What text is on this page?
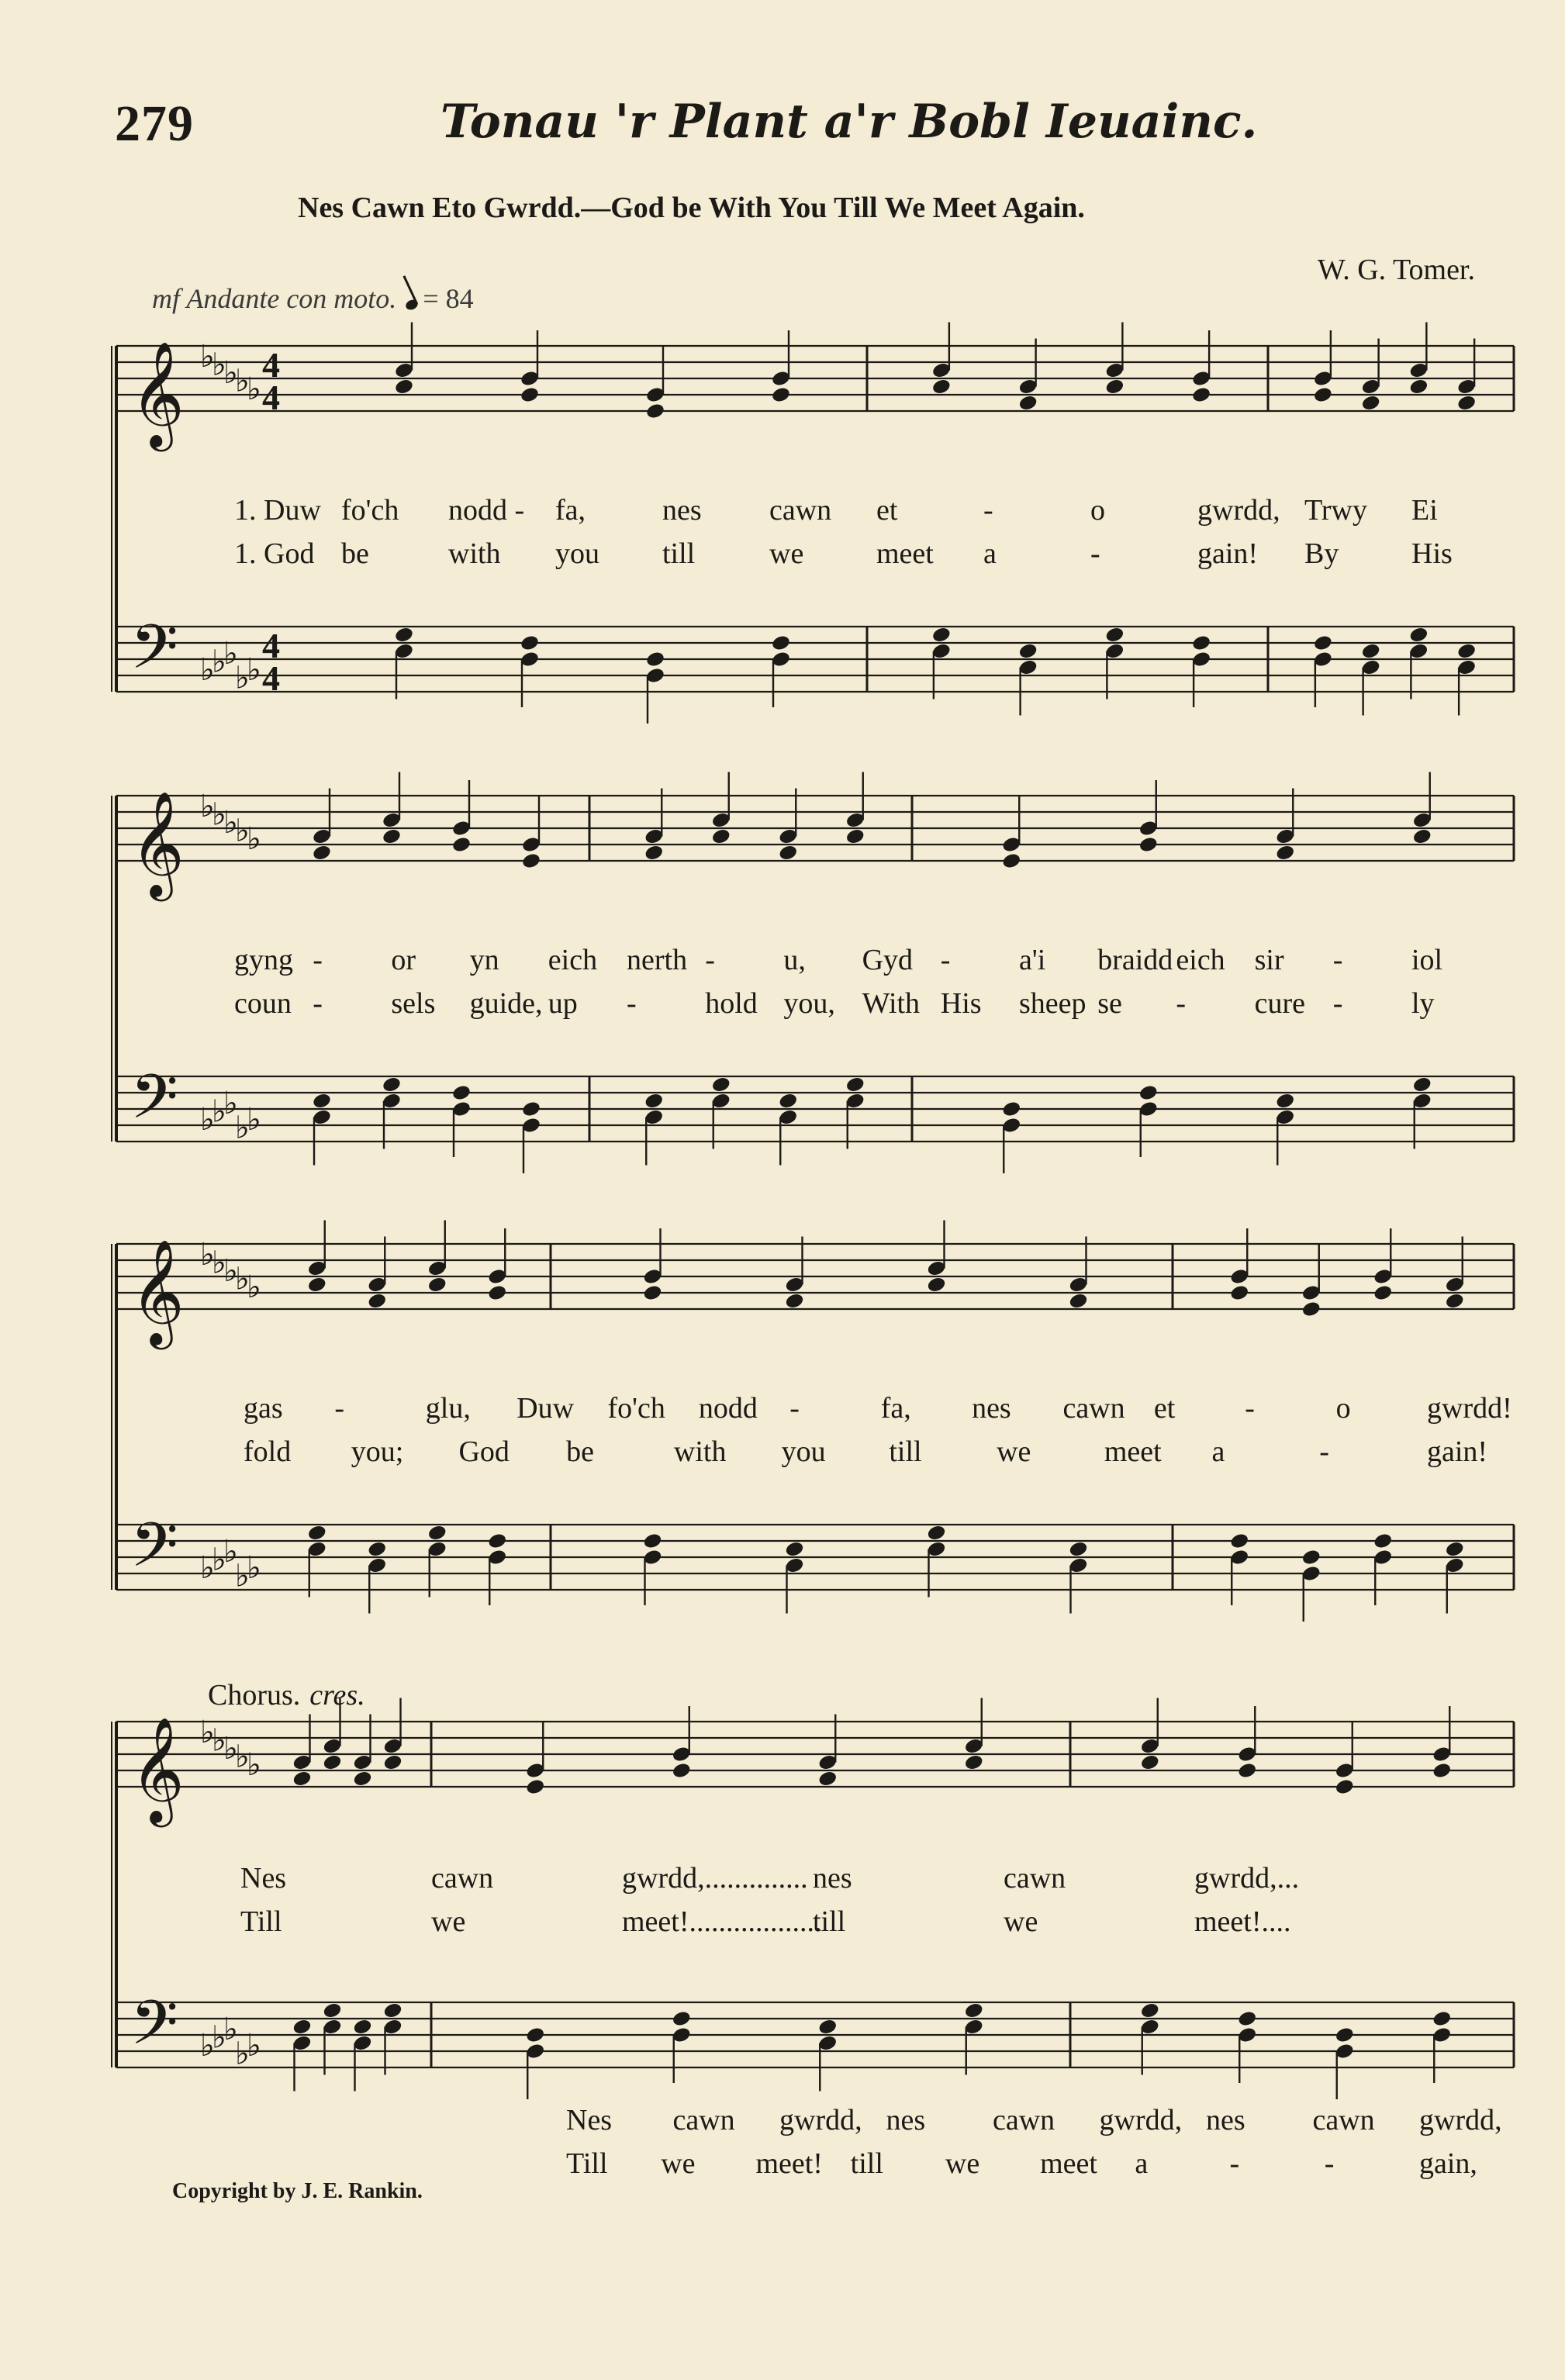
279	Tonau 'r Plant a'r Bobl Ieuainc.
Nes Cawn Eto Gwrdd.—God be With You Till We Meet Again.
W. G. Tomer.
mf Andante con moto. = 84
𝄞 ♭
♭
♭
♭
♭
4
4
𝄢 ♭
♭
♭
♭
♭
4
4
𝄞 ♭
♭
♭
♭
♭
𝄢 ♭
♭
♭
♭
♭
𝄞 ♭
♭
♭
♭
♭
𝄢 ♭
♭
♭
♭
♭
𝄞 ♭
♭
♭
♭
♭
𝄢 ♭
♭
♭
♭
♭
1. Duw fo'ch nodd - fa,	nes cawn et	-	o	gwrdd, Trwy Ei
1. God be	with you till	we meet a	-	gain! By His
gyng - or yn eich nerth - u, Gyd - a'i braidd eich sir - iol
coun - sels guide, up - hold you, With His sheep se - cure - ly
gas -	glu, Duw fo'ch nodd -	fa, nes cawn et -	o	gwrdd!
fold you; God be	with you till	we meet a	-	gain!
Nes	cawn	gwrdd,.............. nes	cawn	gwrdd,...
Till	we	meet!..................
till	we	meet!....
Nes cawn gwrdd, nes cawn gwrdd, nes cawn gwrdd,
Till we meet! till we meet a	-	-	gain,
Chorus. cres.
Copyright by J. E. Rankin.
